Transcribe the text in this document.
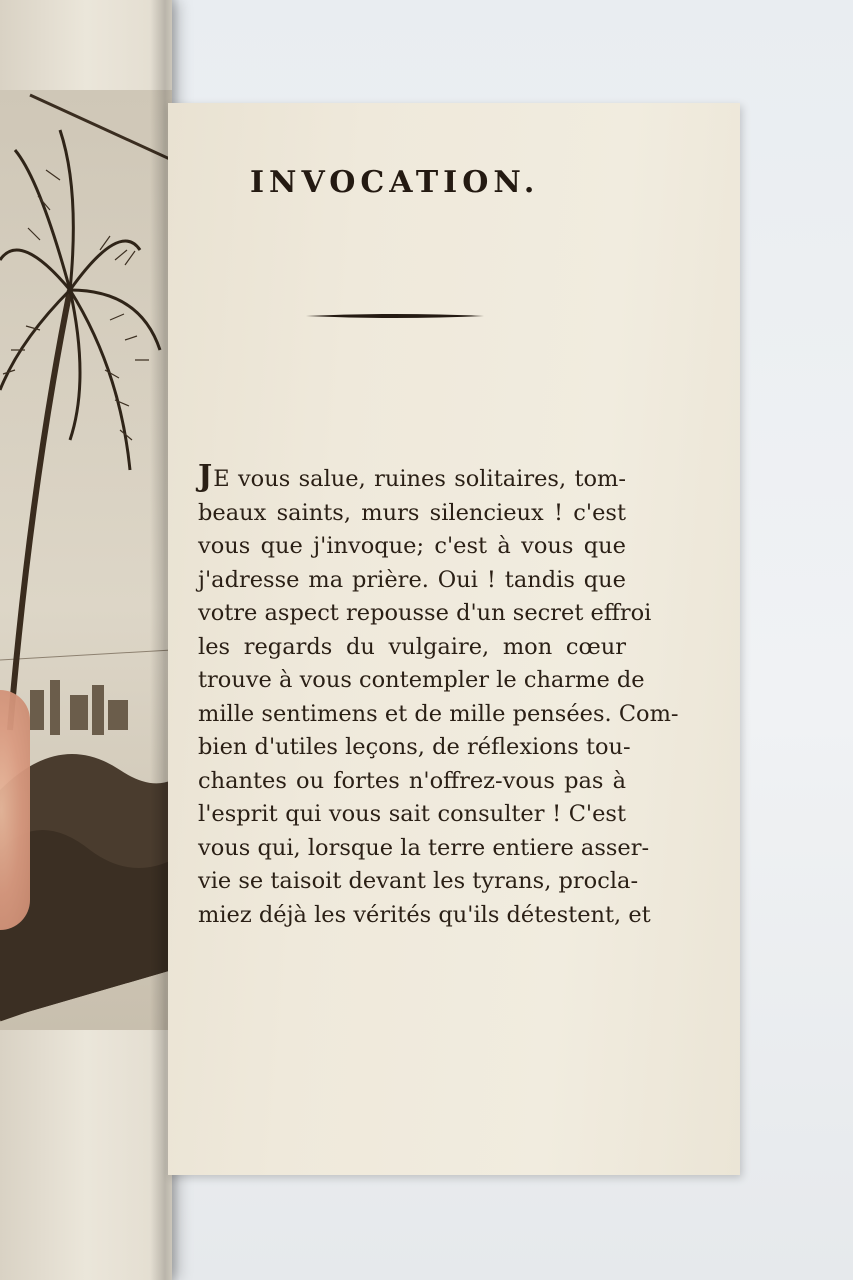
INVOCATION.
JE vous salue, ruines solitaires, tom-
beaux saints, murs silencieux ! c'est
vous que j'invoque; c'est à vous que
j'adresse ma prière. Oui ! tandis que
votre aspect repousse d'un secret effroi
les regards du vulgaire, mon cœur
trouve à vous contempler le charme de
mille sentimens et de mille pensées. Com-
bien d'utiles leçons, de réflexions tou-
chantes ou fortes n'offrez-vous pas à
l'esprit qui vous sait consulter ! C'est
vous qui, lorsque la terre entiere asser-
vie se taisoit devant les tyrans, procla-
miez déjà les vérités qu'ils détestent, et
